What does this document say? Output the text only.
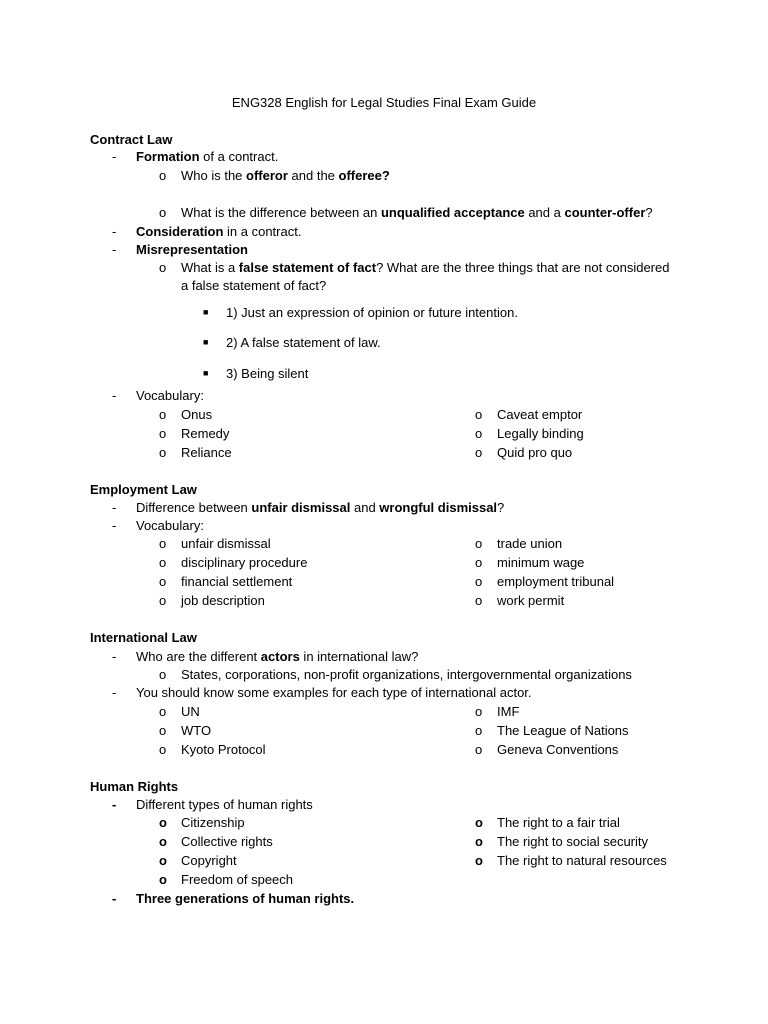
ENG328 English for Legal Studies Final Exam Guide
Contract Law
- Formation of a contract.
o Who is the offeror and the offeree?
o What is the difference between an unqualified acceptance and a counter-offer?
- Consideration in a contract.
- Misrepresentation
o What is a false statement of fact? What are the three things that are not considered
a false statement of fact?
■ 1) Just an expression of opinion or future intention.
■ 2) A false statement of law.
■ 3) Being silent
- Vocabulary:
o Onus	o Caveat emptor
o Remedy	o Legally binding
o Reliance	o Quid pro quo
Employment Law
- Difference between unfair dismissal and wrongful dismissal?
- Vocabulary:
o unfair dismissal	o trade union
o disciplinary procedure	o minimum wage
o financial settlement	o employment tribunal
o job description	o work permit
International Law
- Who are the different actors in international law?
o States, corporations, non-profit organizations, intergovernmental organizations
- You should know some examples for each type of international actor.
o UN	o IMF
o WTO	o The League of Nations
o Kyoto Protocol	o Geneva Conventions
Human Rights
- Different types of human rights
o Citizenship	o The right to a fair trial
o Collective rights	o The right to social security
o Copyright	o The right to natural resources
o Freedom of speech
- Three generations of human rights.
